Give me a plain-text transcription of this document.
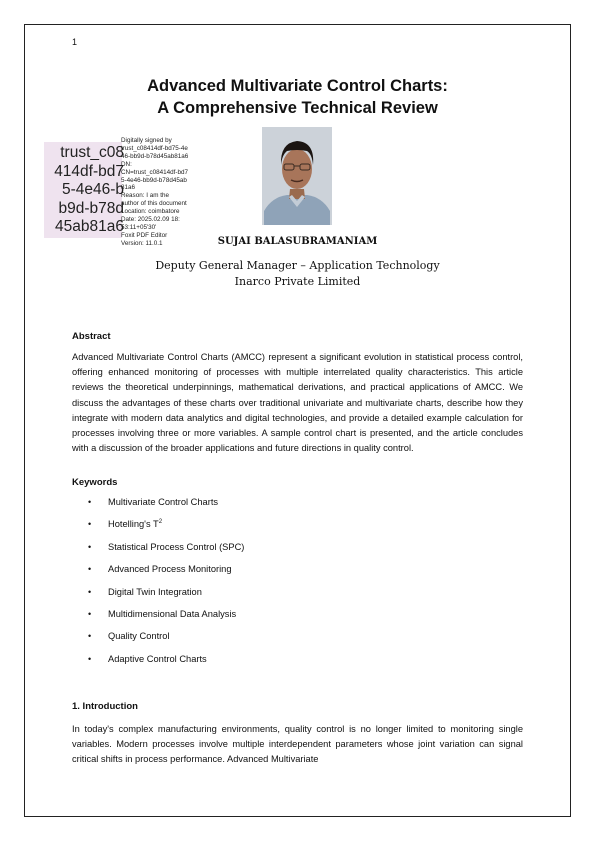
1
Advanced Multivariate Control Charts:
A Comprehensive Technical Review
trust_c08
414df-bd7
5-4e46-b
b9d-b78d
45ab81a6
Digitally signed by
trust_c08414df-bd75-4e
46-bb9d-b78d45ab81a6
DN:
CN=trust_c08414df-bd7
5-4e46-bb9d-b78d45ab
81a6
Reason: I am the
author of this document
Location: coimbatore
Date: 2025.02.09 18:
53:11+05'30'
Foxit PDF Editor
Version: 11.0.1	SUJAI BALASUBRAMANIAM
Deputy General Manager – Application Technology
Inarco Private Limited
Abstract
Advanced Multivariate Control Charts (AMCC) represent a significant evolution in statistical process control, offering enhanced monitoring of processes with multiple interrelated quality characteristics. This article reviews the theoretical underpinnings, mathematical derivations, and practical applications of AMCC. We discuss the advantages of these charts over traditional univariate and multivariate charts, describe how they integrate with modern data analytics and digital technologies, and provide a detailed example calculation for processes involving three or more variables. A sample control chart is presented, and the article concludes with a discussion of the broader applications and future directions in quality control.
Keywords
• Multivariate Control Charts
• Hotelling's $T^2$
• Statistical Process Control (SPC)
• Advanced Process Monitoring
• Digital Twin Integration
• Multidimensional Data Analysis
• Quality Control
• Adaptive Control Charts
1. Introduction
In today's complex manufacturing environments, quality control is no longer limited to monitoring single variables. Modern processes involve multiple interdependent parameters whose joint variation can signal critical shifts in process performance. Advanced Multivariate
